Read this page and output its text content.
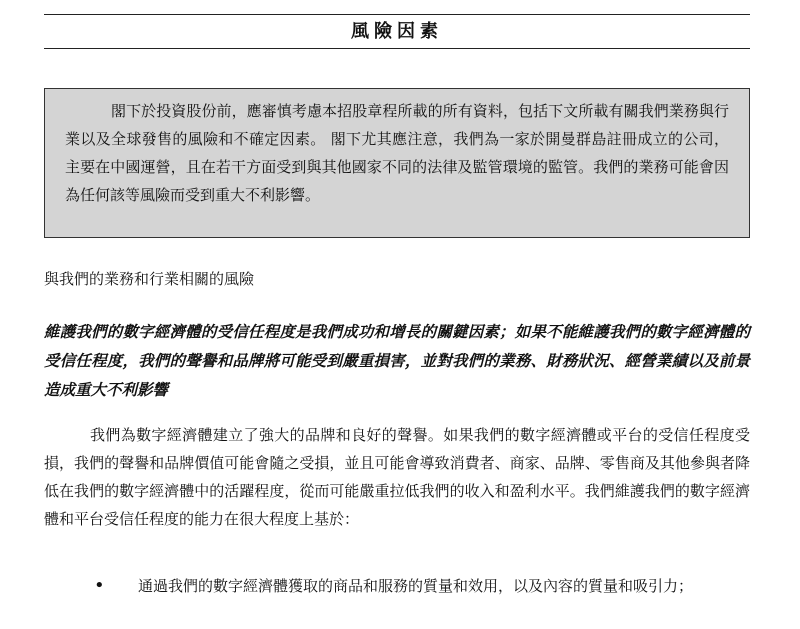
風險因素

閣下於投資股份前，應審慎考慮本招股章程所載的所有資料，包括下文所載有關我們業務與行業以及全球發售的風險和不確定因素。 閣下尤其應注意，我們為一家於開曼群島註冊成立的公司，主要在中國運營，且在若干方面受到與其他國家不同的法律及監管環境的監管。我們的業務可能會因為任何該等風險而受到重大不利影響。

與我們的業務和行業相關的風險

維護我們的數字經濟體的受信任程度是我們成功和增長的關鍵因素；如果不能維護我們的數字經濟體的受信任程度，我們的聲譽和品牌將可能受到嚴重損害，並對我們的業務、財務狀況、經營業績以及前景造成重大不利影響

我們為數字經濟體建立了強大的品牌和良好的聲譽。如果我們的數字經濟體或平台的受信任程度受損，我們的聲譽和品牌價值可能會隨之受損，並且可能會導致消費者、商家、品牌、零售商及其他參與者降低在我們的數字經濟體中的活躍程度，從而可能嚴重拉低我們的收入和盈利水平。我們維護我們的數字經濟體和平台受信任程度的能力在很大程度上基於：

•	通過我們的數字經濟體獲取的商品和服務的質量和效用，以及內容的質量和吸引力；
